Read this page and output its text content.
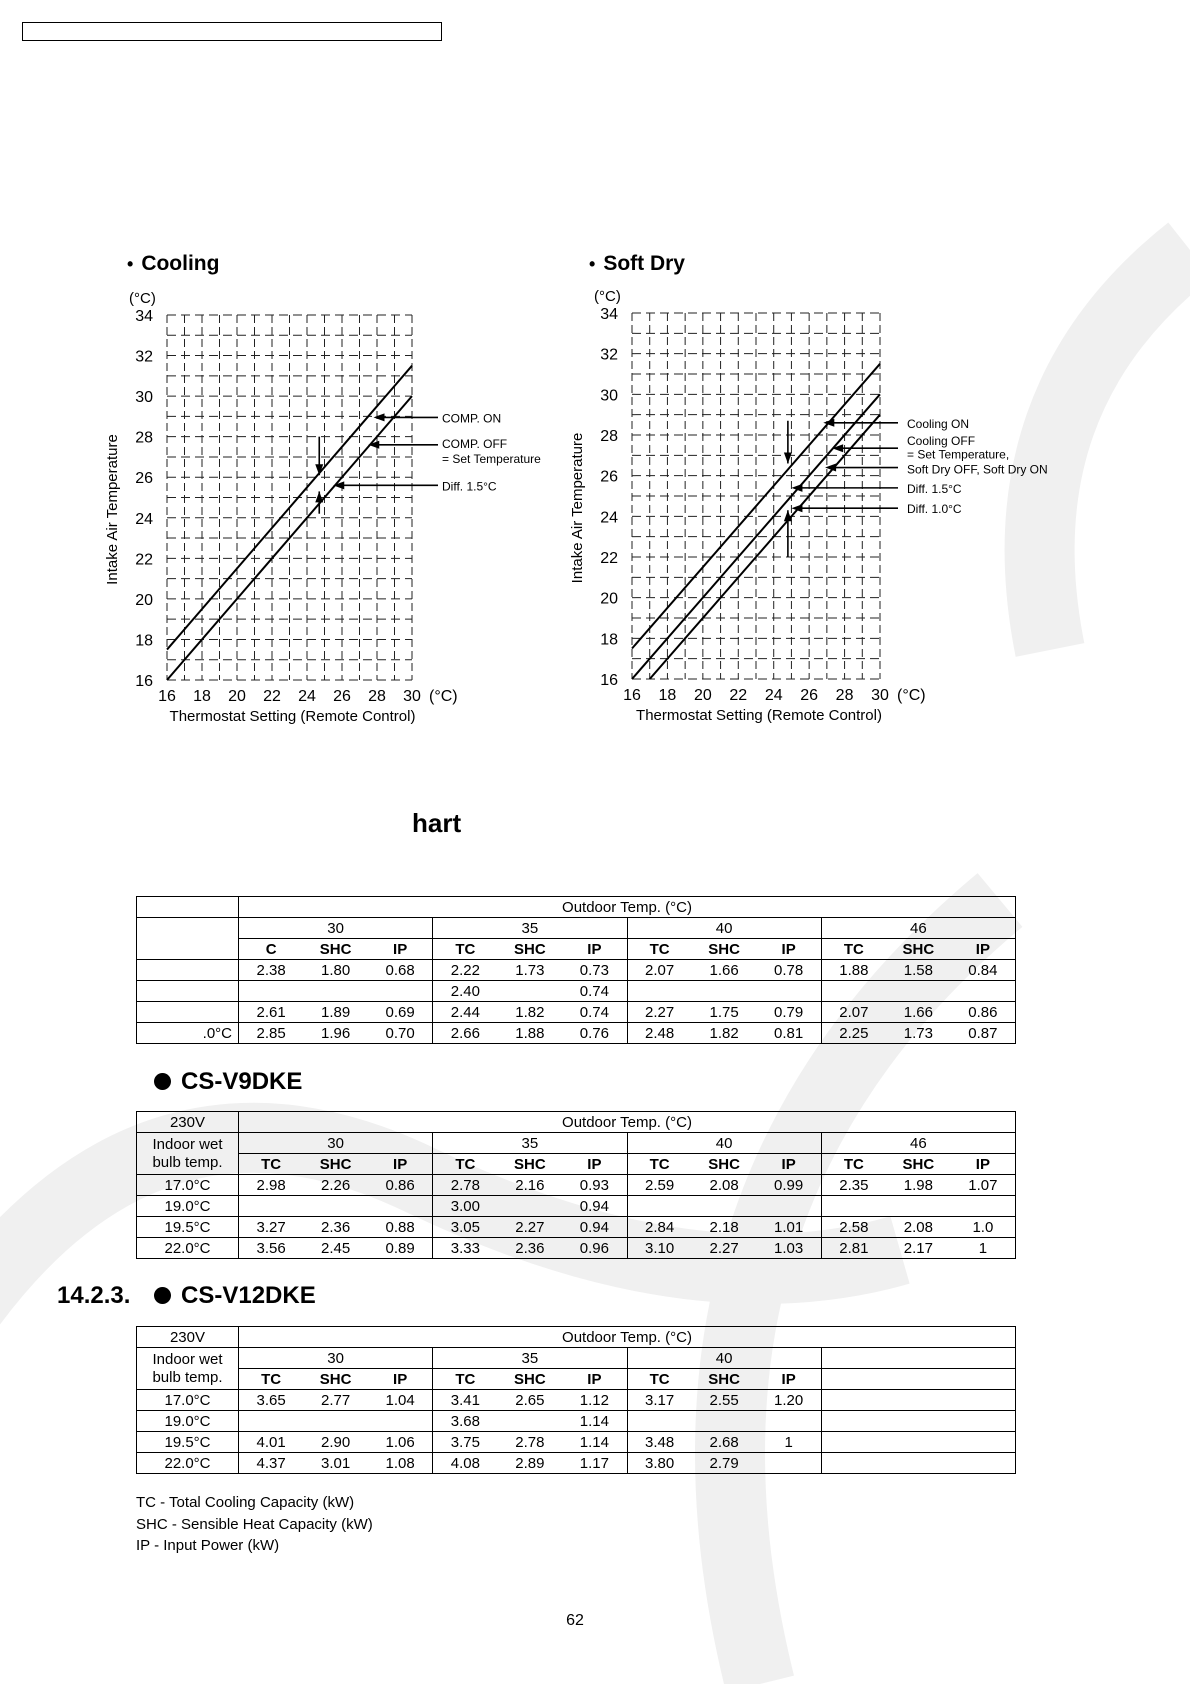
• Cooling
(°C)
34
32
30
28
26
24
22
20
18
16
16 18 20 22 24 26 28 30 (°C)
Thermostat Setting (Remote Control)
Intake Air Temperature
COMP. ON
COMP. OFF
= Set Temperature
Diff. 1.5°C
• Soft Dry
(°C)
34
32
30
28
26
24
22
20
18
16
16 18 20 22 24 26 28 30 (°C)
Thermostat Setting (Remote Control)
Intake Air Temperature
Cooling ON
Cooling OFF
= Set Temperature,
Soft Dry OFF, Soft Dry ON
Diff. 1.5°C
Diff. 1.0°C
hart
	Outdoor Temp. (°C)											
	30			35			40			46		
	C	SHC	IP	TC	SHC	IP	TC	SHC	IP	TC	SHC	IP
	2.38	1.80	0.68	2.22	1.73	0.73	2.07	1.66	0.78	1.88	1.58	0.84
				2.40		0.74						
	2.61	1.89	0.69	2.44	1.82	0.74	2.27	1.75	0.79	2.07	1.66	0.86
.0°C	2.85	1.96	0.70	2.66	1.88	0.76	2.48	1.82	0.81	2.25	1.73	0.87
CS-V9DKE
230V	Outdoor Temp. (°C)											

Indoor wet
bulb temp.	30			35			40			46		
	TC	SHC	IP	TC	SHC	IP	TC	SHC	IP	TC	SHC	IP
17.0°C	2.98	2.26	0.86	2.78	2.16	0.93	2.59	2.08	0.99	2.35	1.98	1.07
19.0°C				3.00		0.94						
19.5°C	3.27	2.36	0.88	3.05	2.27	0.94	2.84	2.18	1.01	2.58	2.08	1.0
22.0°C	3.56	2.45	0.89	3.33	2.36	0.96	3.10	2.27	1.03	2.81	2.17	1
14.2.3.	CS-V12DKE
230V	Outdoor Temp. (°C)											

Indoor wet
bulb temp.	30			35			40					
	TC	SHC	IP	TC	SHC	IP	TC	SHC	IP			
17.0°C	3.65	2.77	1.04	3.41	2.65	1.12	3.17	2.55	1.20			
19.0°C				3.68		1.14						
19.5°C	4.01	2.90	1.06	3.75	2.78	1.14	3.48	2.68	1			
22.0°C	4.37	3.01	1.08	4.08	2.89	1.17	3.80	2.79				
TC - Total Cooling Capacity (kW)
SHC - Sensible Heat Capacity (kW)
IP - Input Power (kW)
62
